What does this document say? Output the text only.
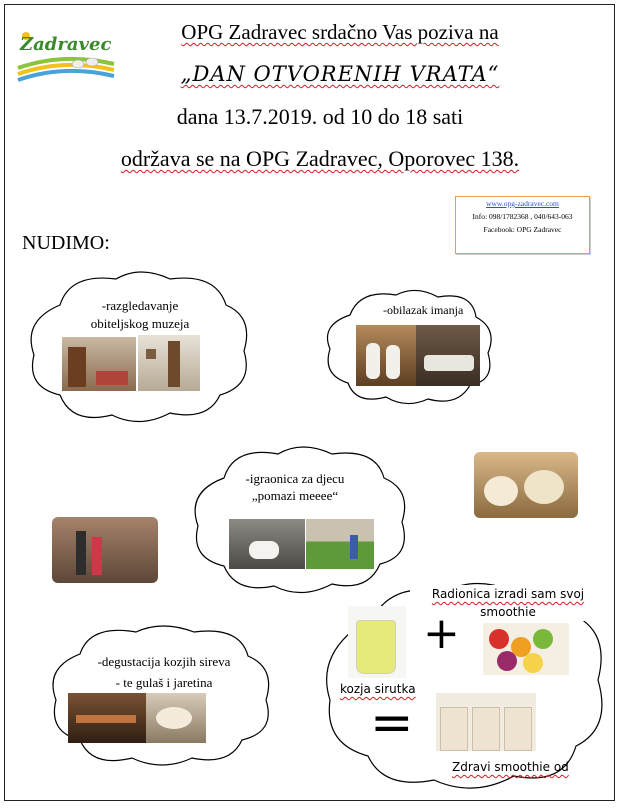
Zadravec
OPG Zadravec srdačno Vas poziva na
„DAN OTVORENIH VRATA“
dana 13.7.2019. od 10 do 18 sati
održava se na OPG Zadravec, Oporovec 138.
www.opg-zadravec.com
Info: 098/1782368 , 040/643-063
Facebook: OPG Zadravec
NUDIMO:
-razgledavanje
obiteljskog muzeja
-obilazak imanja
-igraonica za djecu
„pomazi meeee“
-degustacija kozjih sireva
- te gulaš i jaretina
Radionica izradi sam svoj
smoothie
+
kozja sirutka
=
Zdravi smoothie od
